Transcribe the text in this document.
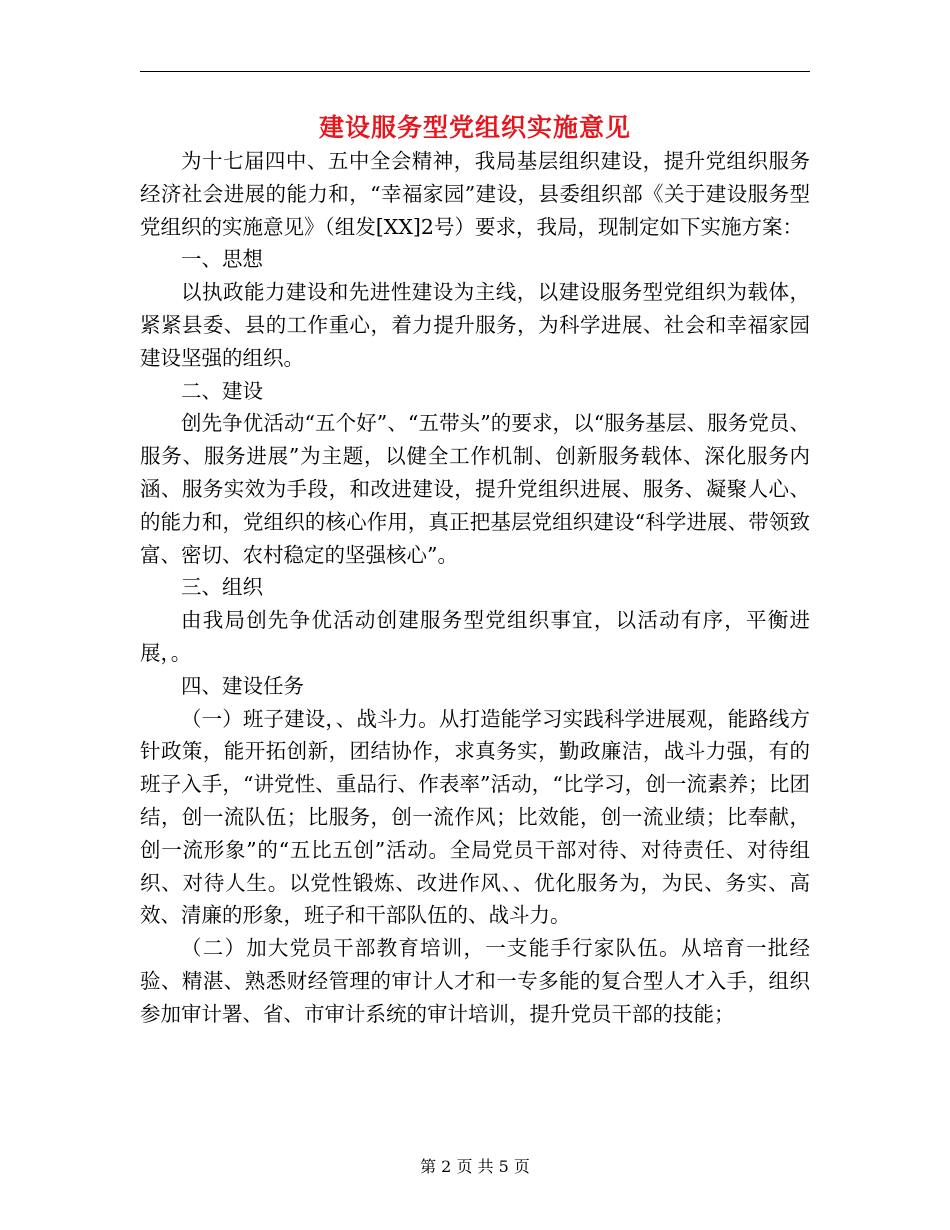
建设服务型党组织实施意见

为十七届四中、五中全会精神，我局基层组织建设，提升党组织服务经济社会进展的能力和，“幸福家园”建设，县委组织部《关于建设服务型党组织的实施意见》（组发[XX]2号）要求，我局，现制定如下实施方案：

一、思想

以执政能力建设和先进性建设为主线，以建设服务型党组织为载体，紧紧县委、县的工作重心，着力提升服务，为科学进展、社会和幸福家园建设坚强的组织。

二、建设

创先争优活动“五个好”、“五带头”的要求，以“服务基层、服务党员、服务、服务进展”为主题，以健全工作机制、创新服务载体、深化服务内涵、服务实效为手段，和改进建设，提升党组织进展、服务、凝聚人心、的能力和，党组织的核心作用，真正把基层党组织建设“科学进展、带领致富、密切、农村稳定的坚强核心”。

三、组织

由我局创先争优活动创建服务型党组织事宜，以活动有序，平衡进展，。

四、建设任务

（一）班子建设，、战斗力。从打造能学习实践科学进展观，能路线方针政策，能开拓创新，团结协作，求真务实，勤政廉洁，战斗力强，有的班子入手，“讲党性、重品行、作表率”活动，“比学习，创一流素养；比团结，创一流队伍；比服务，创一流作风；比效能，创一流业绩；比奉献，创一流形象”的“五比五创”活动。全局党员干部对待、对待责任、对待组织、对待人生。以党性锻炼、改进作风、、优化服务为，为民、务实、高效、清廉的形象，班子和干部队伍的、战斗力。

（二）加大党员干部教育培训，一支能手行家队伍。从培育一批经验、精湛、熟悉财经管理的审计人才和一专多能的复合型人才入手，组织参加审计署、省、市审计系统的审计培训，提升党员干部的技能；

第 2 页 共 5 页
